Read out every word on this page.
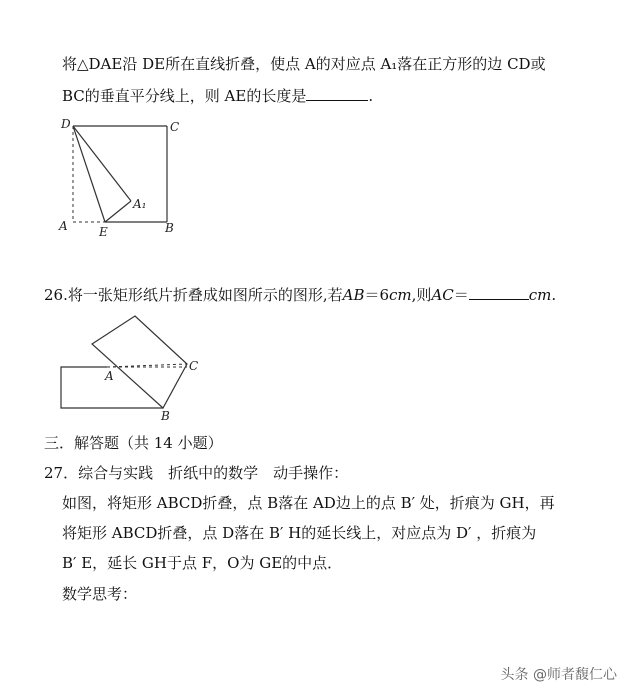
将△DAE沿 DE所在直线折叠，使点 A的对应点 A₁落在正方形的边 CD或
BC的垂直平分线上，则 AE的长度是	.
D	C
A	E	B
A₁
26.将一张矩形纸片折叠成如图所示的图形,若AB＝6cm,则AC＝	cm.
A
B
C
三．解答题（共 14 小题）
27．综合与实践　折纸中的数学　动手操作：
如图，将矩形 ABCD折叠，点 B落在 AD边上的点 B′ 处，折痕为 GH，再
将矩形 ABCD折叠，点 D落在 B′ H的延长线上，对应点为 D′ ，折痕为
B′ E，延长 GH于点 F，O为 GE的中点．
数学思考：
头条 @师者馥仁心
